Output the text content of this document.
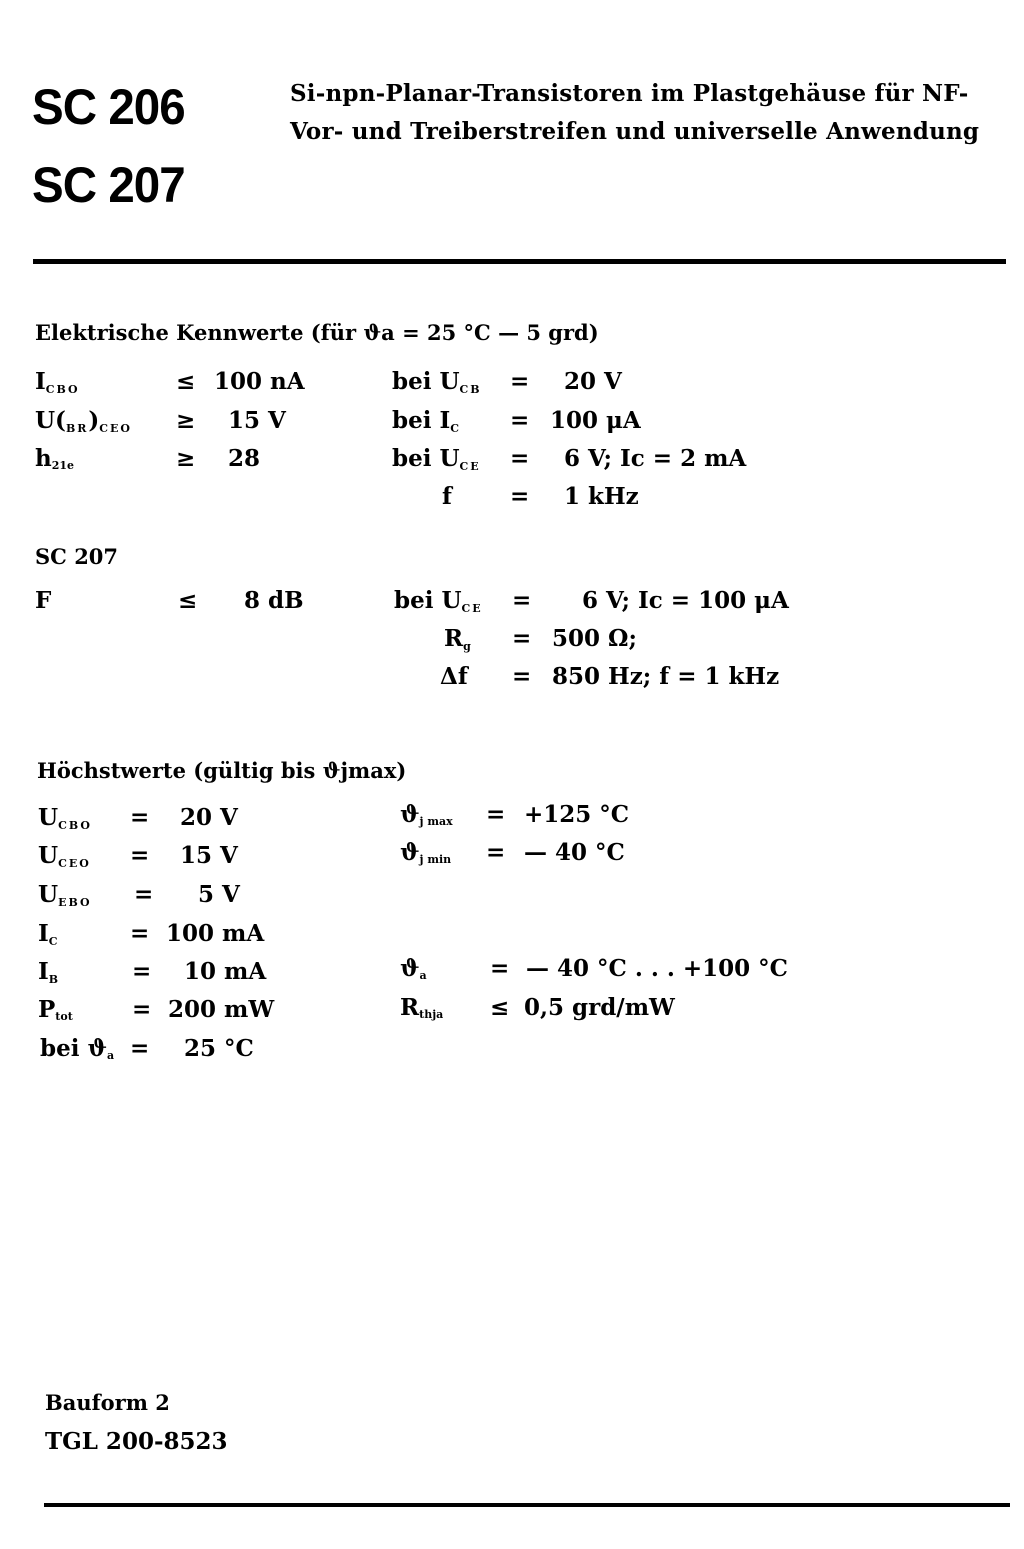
SC 206
SC 207
Si-npn-Planar-Transistoren im Plastgehäuse für NF-
Vor- und Treiberstreifen und universelle Anwendung
Elektrische Kennwerte (für ϑa = 25 °C — 5 grd)
ICBO	≤ 100 nA	bei UCB = 20 V
U(BR)CEO ≥ 15 V	bei IC = 100 μA
h21e	≥ 28	bei UCE = 6 V; Ic = 2 mA
f	= 1 kHz
SC 207
F	≤ 8 dB	bei UCE = 6 V; Ic = 100 μA
Rg = 500 Ω;
Δf = 850 Hz; f = 1 kHz
Höchstwerte (gültig bis ϑjmax)
UCBO = 20 V
UCEO = 15 V
UEBO = 5 V
IC	= 100 mA
IB	= 10 mA
Ptot	= 200 mW
bei ϑa = 25 °C
ϑj max = +125 °C
ϑj min = — 40 °C
ϑa	= — 40 °C . . . +100 °C
Rthja ≤ 0,5 grd/mW
Bauform 2
TGL 200-8523
